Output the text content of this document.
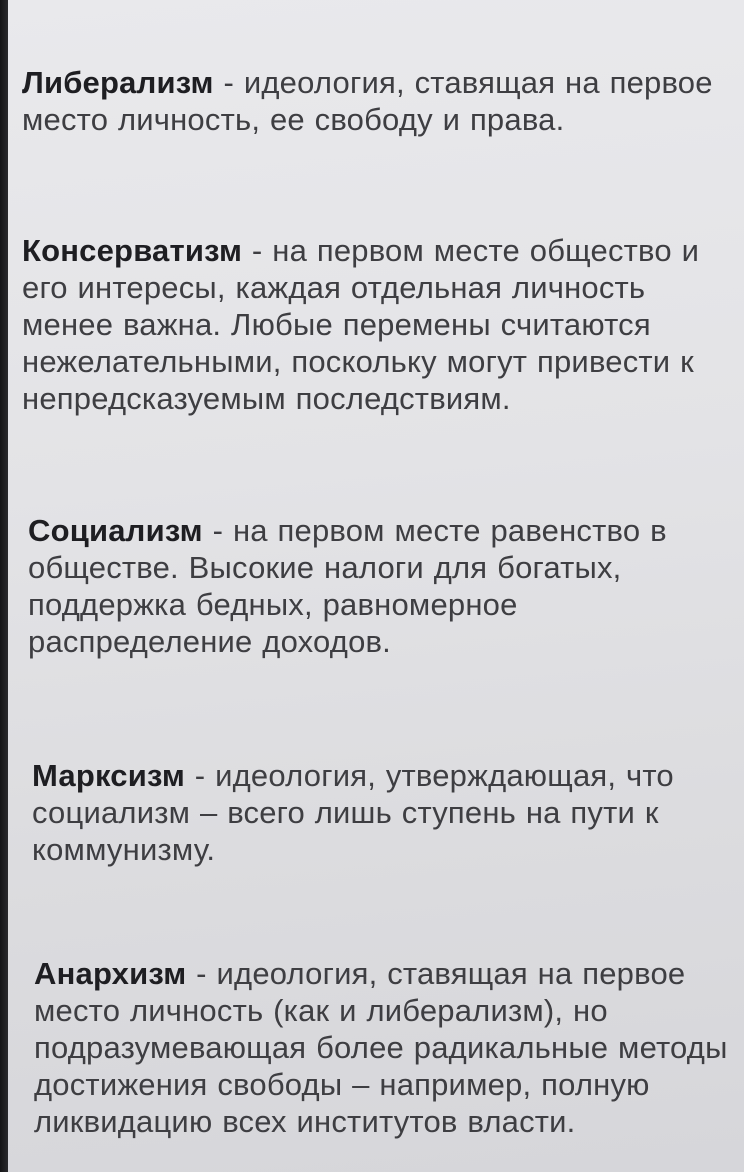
Либерализм - идеология, ставящая на первое место личность, ее свободу и права.

Консерватизм - на первом месте общество и его интересы, каждая отдельная личность менее важна. Любые перемены считаются нежелательными, поскольку могут привести к непредсказуемым последствиям.

Социализм - на первом месте равенство в обществе. Высокие налоги для богатых, поддержка бедных, равномерное распределение доходов.

Марксизм - идеология, утверждающая, что социализм – всего лишь ступень на пути к коммунизму.

Анархизм - идеология, ставящая на первое место личность (как и либерализм), но подразумевающая более радикальные методы достижения свободы – например, полную ликвидацию всех институтов власти.
